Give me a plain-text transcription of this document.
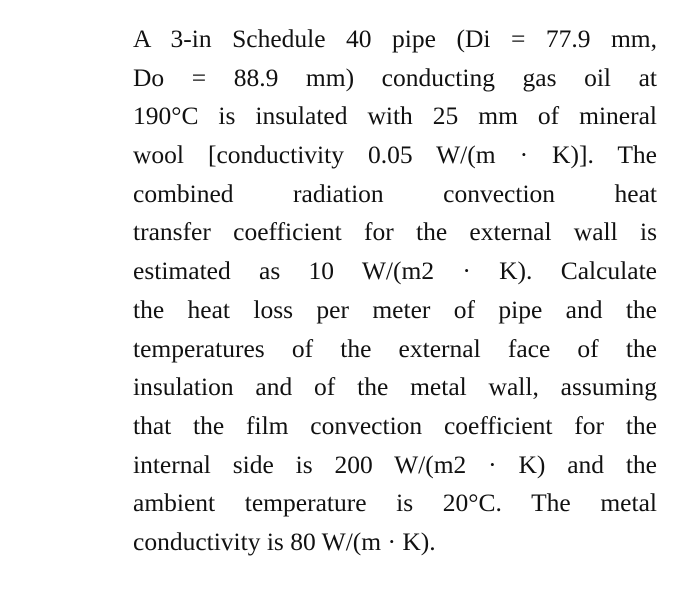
A 3-in Schedule 40 pipe (Di = 77.9 mm,
Do = 88.9 mm) conducting gas oil at
190°C is insulated with 25 mm of mineral
wool [conductivity 0.05 W/(m · K)]. The
combined radiation convection heat
transfer coefficient for the external wall is
estimated as 10 W/(m2 · K). Calculate
the heat loss per meter of pipe and the
temperatures of the external face of the
insulation and of the metal wall, assuming
that the film convection coefficient for the
internal side is 200 W/(m2 · K) and the
ambient temperature is 20°C. The metal
conductivity is 80 W/(m · K).
